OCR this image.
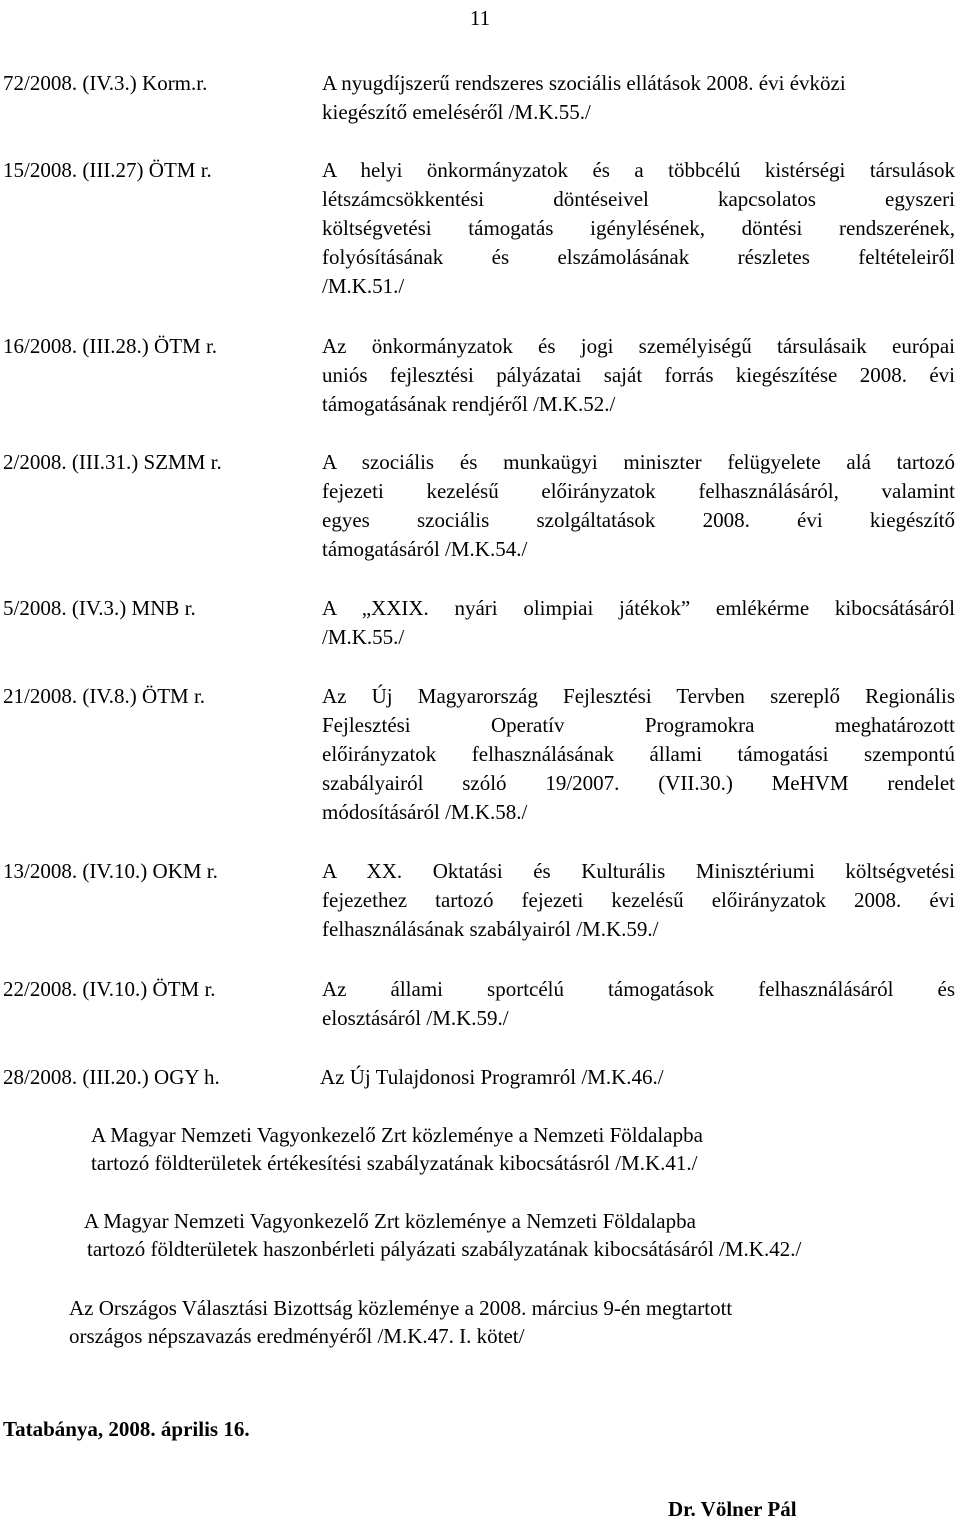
11
72/2008. (IV.3.) Korm.r.	A nyugdíjszerű rendszeres szociális ellátások 2008. évi évközi
kiegészítő emeléséről /M.K.55./
15/2008. (III.27) ÖTM r.	A helyi önkormányzatok és a többcélú kistérségi társulások
létszámcsökkentési döntéseivel kapcsolatos egyszeri
költségvetési támogatás igénylésének, döntési rendszerének,
folyósításának és elszámolásának részletes feltételeiről
/M.K.51./
16/2008. (III.28.) ÖTM r.	Az önkormányzatok és jogi személyiségű társulásaik európai
uniós fejlesztési pályázatai saját forrás kiegészítése 2008. évi
támogatásának rendjéről /M.K.52./
2/2008. (III.31.) SZMM r.	A szociális és munkaügyi miniszter felügyelete alá tartozó
fejezeti kezelésű előirányzatok felhasználásáról, valamint
egyes szociális szolgáltatások 2008. évi kiegészítő
támogatásáról /M.K.54./
5/2008. (IV.3.) MNB r.	A „XXIX. nyári olimpiai játékok” emlékérme kibocsátásáról
/M.K.55./
21/2008. (IV.8.) ÖTM r.	Az Új Magyarország Fejlesztési Tervben szereplő Regionális
Fejlesztési Operatív Programokra meghatározott
előirányzatok felhasználásának állami támogatási szempontú
szabályairól szóló 19/2007. (VII.30.) MeHVM rendelet
módosításáról /M.K.58./
13/2008. (IV.10.) OKM r.	A XX. Oktatási és Kulturális Minisztériumi költségvetési
fejezethez tartozó fejezeti kezelésű előirányzatok 2008. évi
felhasználásának szabályairól /M.K.59./
22/2008. (IV.10.) ÖTM r.	Az állami sportcélú támogatások felhasználásáról és
elosztásáról /M.K.59./
28/2008. (III.20.) OGY h.	Az Új Tulajdonosi Programról /M.K.46./
A Magyar Nemzeti Vagyonkezelő Zrt közleménye a Nemzeti Földalapba
tartozó földterületek értékesítési szabályzatának kibocsátásról /M.K.41./
A Magyar Nemzeti Vagyonkezelő Zrt közleménye a Nemzeti Földalapba
tartozó földterületek haszonbérleti pályázati szabályzatának kibocsátásáról /M.K.42./
Az Országos Választási Bizottság közleménye a 2008. március 9-én megtartott
országos népszavazás eredményéről /M.K.47. I. kötet/
Tatabánya, 2008. április 16.
Dr. Völner Pál
